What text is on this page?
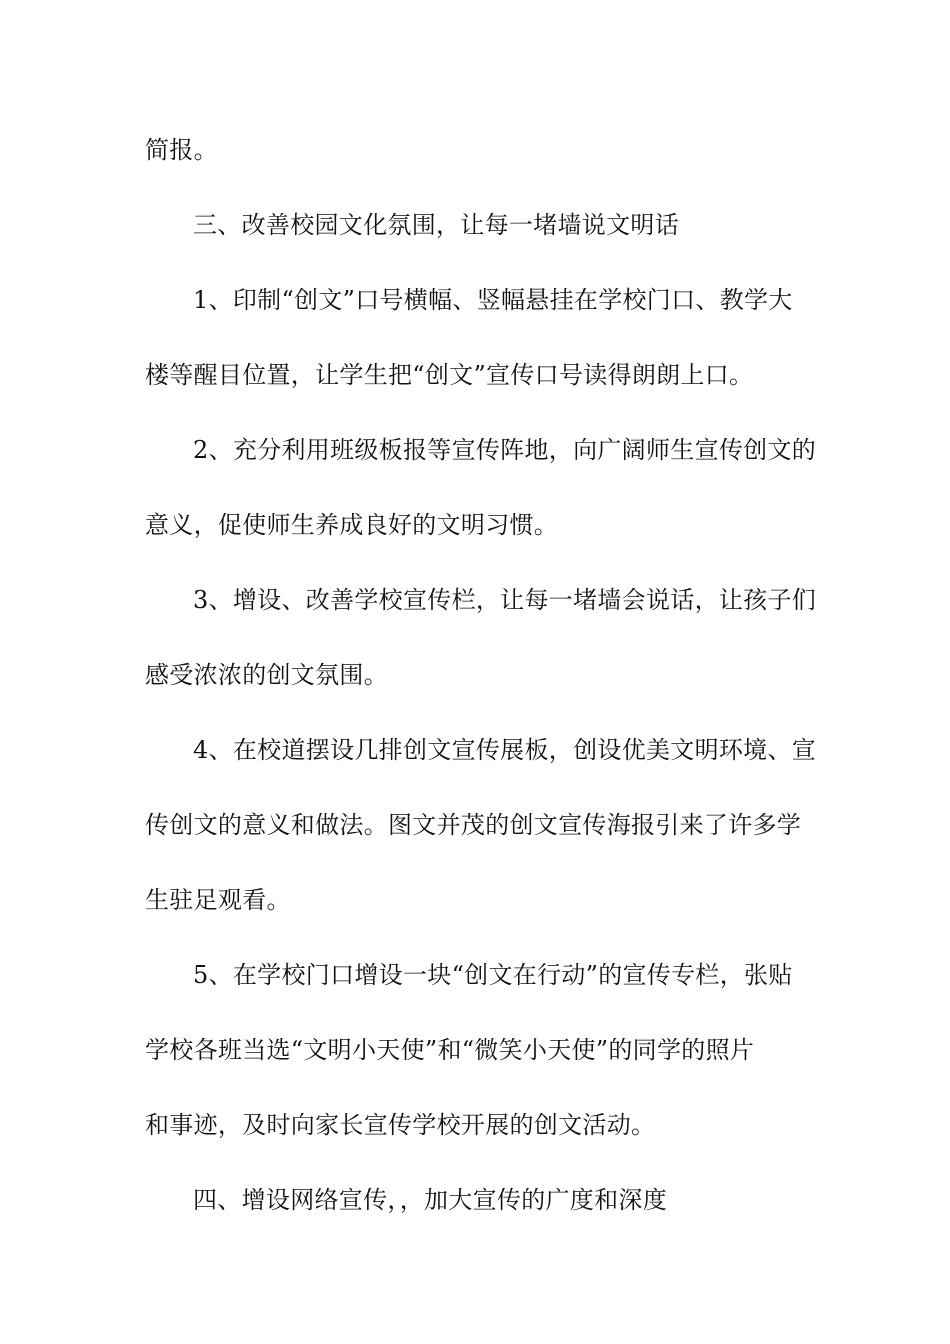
简报。
三、改善校园文化氛围，让每一堵墙说文明话
1、印制“创文”口号横幅、竖幅悬挂在学校门口、教学大
楼等醒目位置，让学生把“创文”宣传口号读得朗朗上口。
2、充分利用班级板报等宣传阵地，向广阔师生宣传创文的
意义，促使师生养成良好的文明习惯。
3、增设、改善学校宣传栏，让每一堵墙会说话，让孩子们
感受浓浓的创文氛围。
4、在校道摆设几排创文宣传展板，创设优美文明环境、宣
传创文的意义和做法。图文并茂的创文宣传海报引来了许多学
生驻足观看。
5、在学校门口增设一块“创文在行动”的宣传专栏，张贴
学校各班当选“文明小天使”和“微笑小天使”的同学的照片
和事迹，及时向家长宣传学校开展的创文活动。
四、增设网络宣传，，加大宣传的广度和深度
